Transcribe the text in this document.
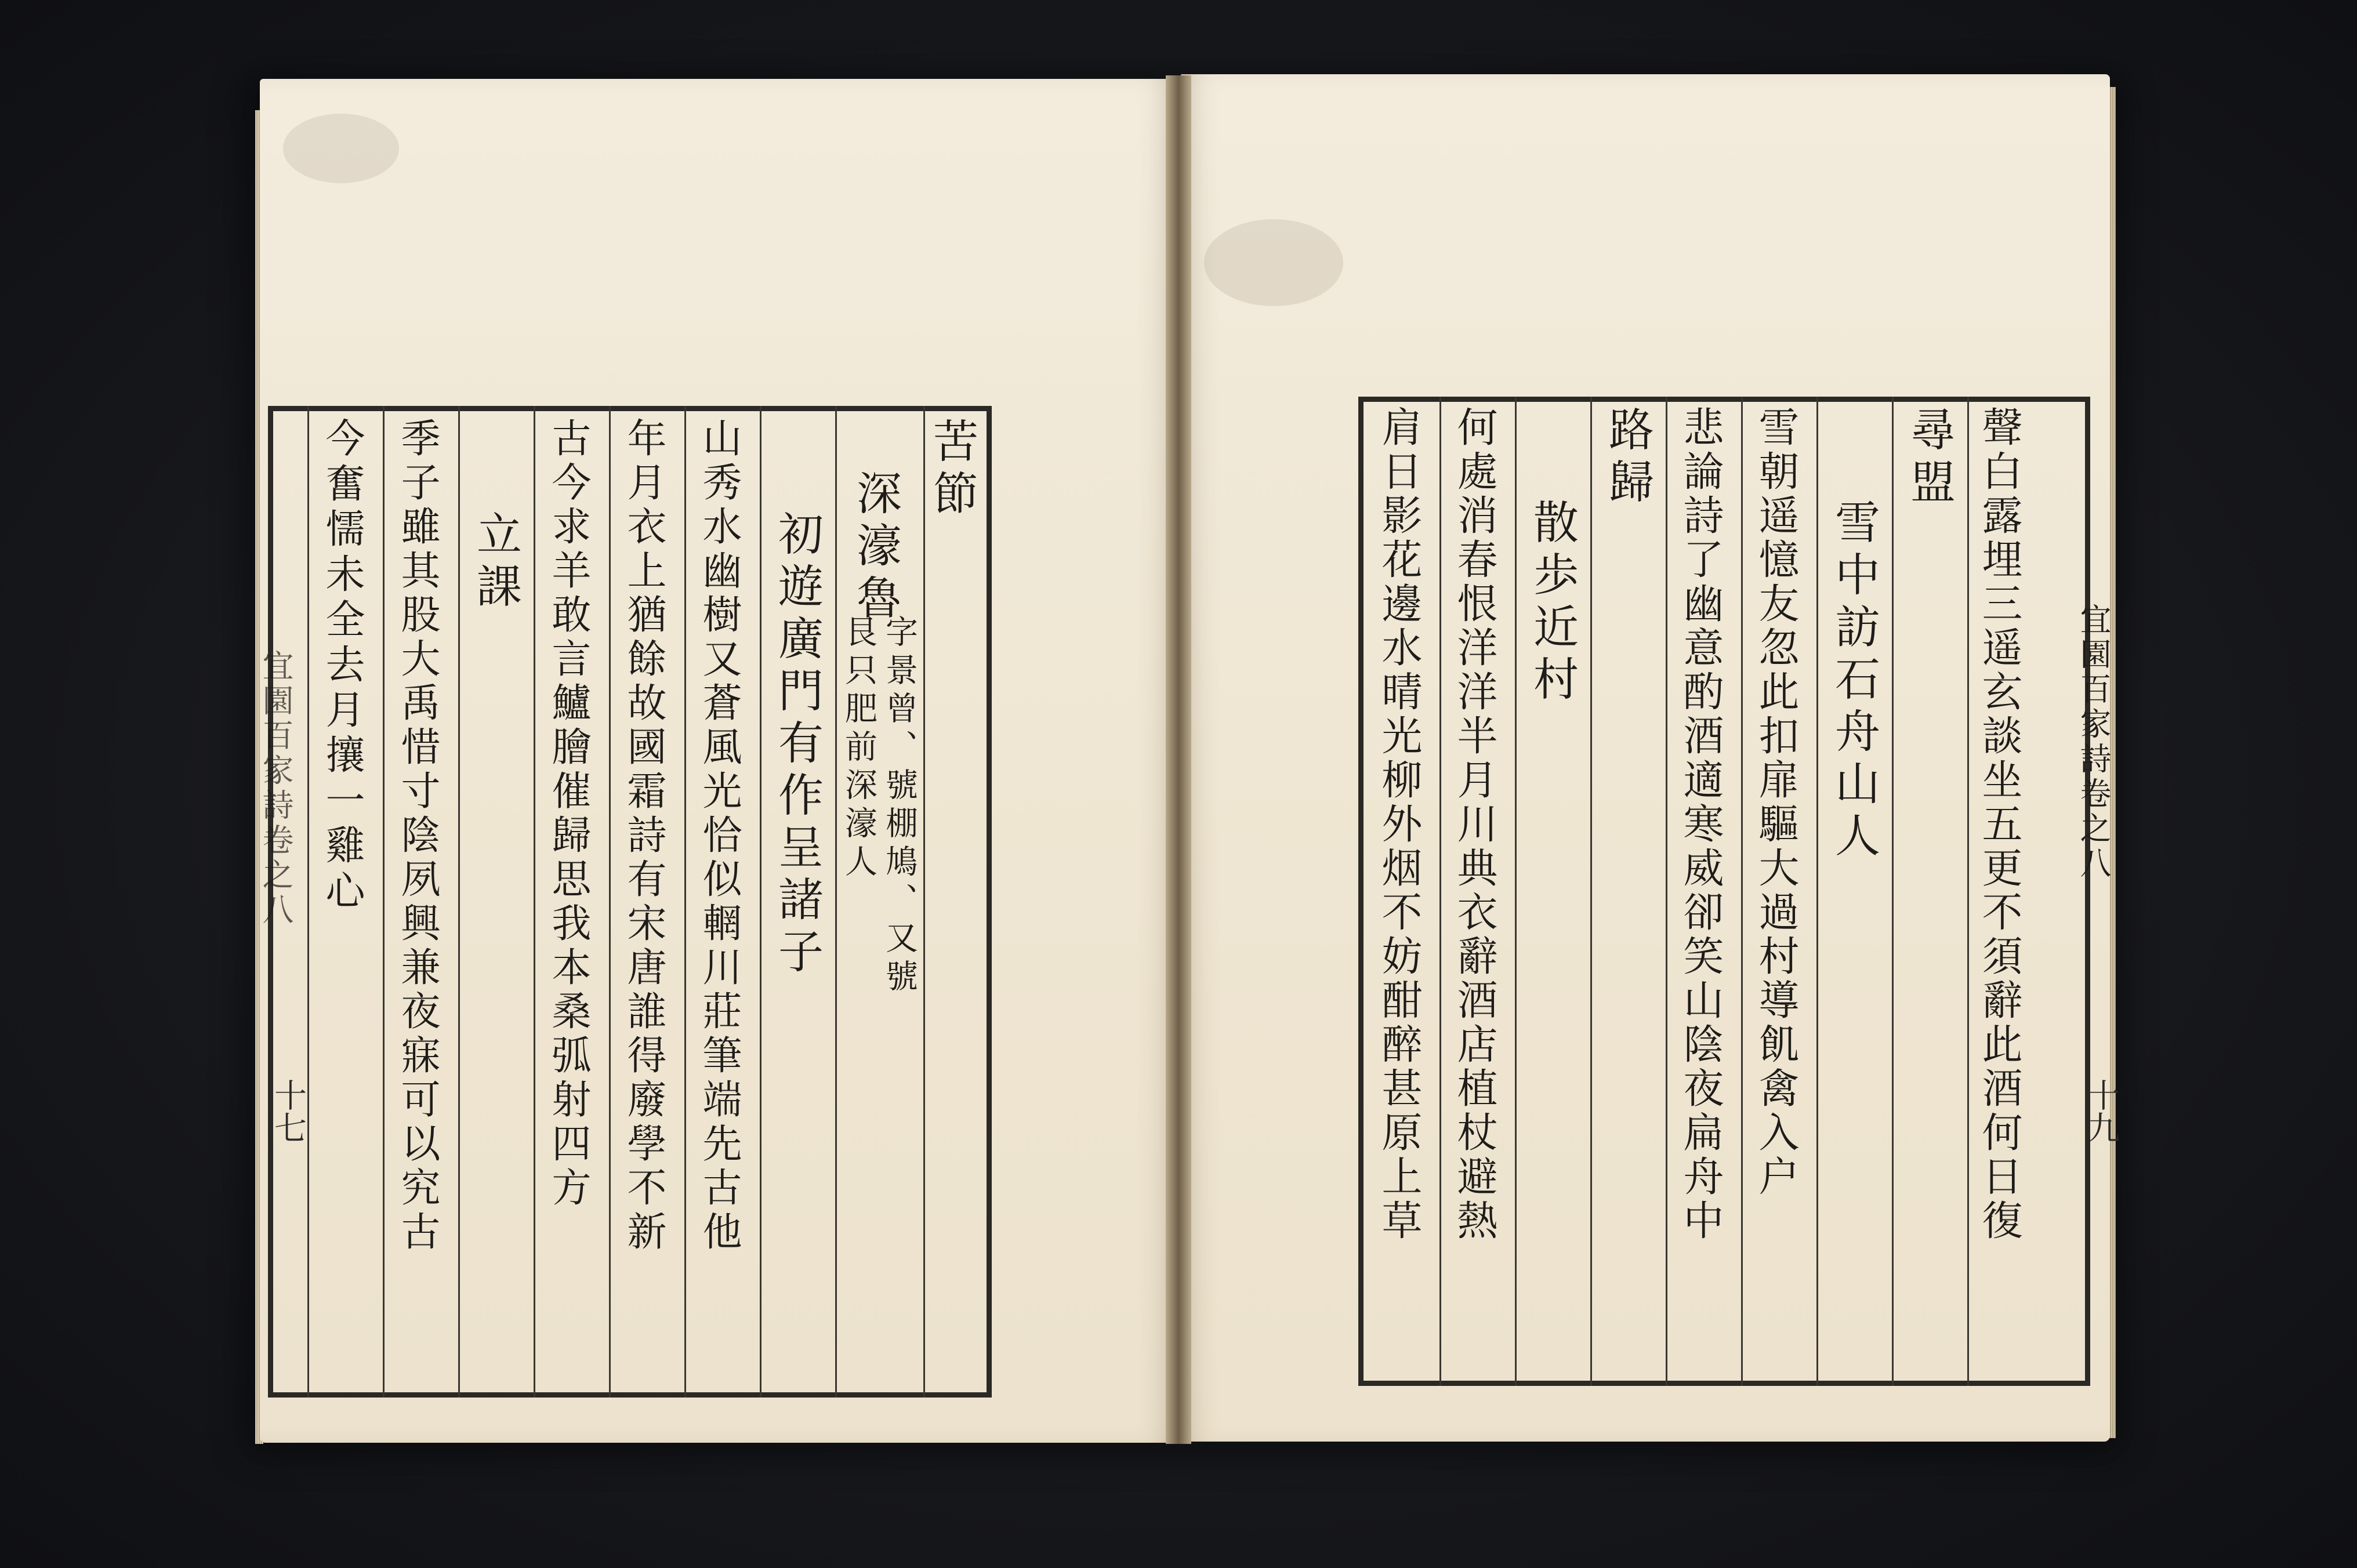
苦節
深濠魯
字景曾、號棚鳩、又號
艮只肥前深濠人
初遊廣門有作呈諸子
山秀水幽樹又蒼風光恰似輞川莊筆端先古他
年月衣上猶餘故國霜詩有宋唐誰得廢學不新
古今求羊敢言鱸膾催歸思我本桑弧射四方
立課
季子雖其股大禹惜寸陰夙興兼夜寐可以究古
今奮懦未全去月攘一雞心
宜園百家詩卷之八
十七	聲白露埋三遥玄談坐五更不須辭此酒何日復
尋盟
雪中訪石舟山人
雪朝遥憶友忽此扣扉驅大過村導飢禽入户
悲論詩了幽意酌酒適寒威卻笑山陰夜扁舟中
路歸
散歩近村
何處消春恨洋洋半月川典衣辭酒店植杖避熱
肩日影花邊水晴光柳外烟不妨酣醉甚原上草	宜園百家詩卷之八
十九
